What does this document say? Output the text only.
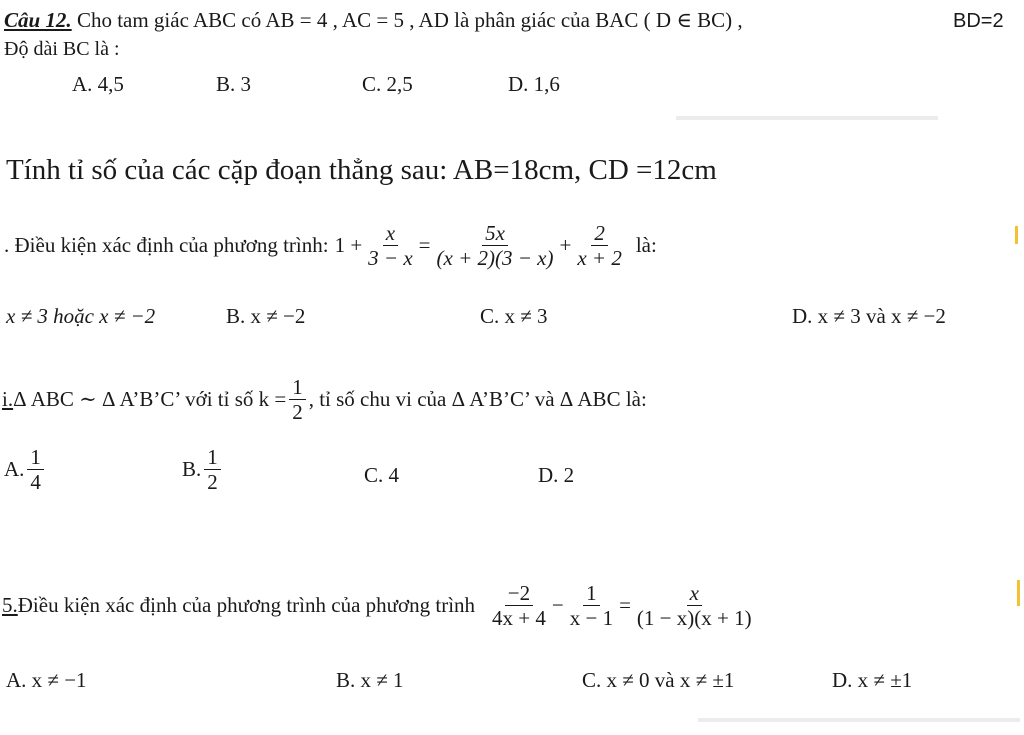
Câu 12. Cho tam giác ABC có AB = 4 , AC = 5 , AD là phân giác của BAC ( D ∈ BC) ,	BD=2
Độ dài BC là :
A. 4,5	B. 3	C. 2,5	D. 1,6
Tính tỉ số của các cặp đoạn thẳng sau: AB=18cm, CD =12cm
. Điều kiện xác định của phương trình: $1 + \frac{x}{3 - x} = \frac{5x}{(x + 2)(3 - x)} + \frac{2}{x + 2}$ là:
x ≠ 3 hoặc x ≠ −2	B. x ≠ −2	C. x ≠ 3	D. x ≠ 3 và x ≠ −2
i. Δ ABC ∼ Δ A’B’C’ với tỉ số $k = \frac{1}{2}$ , tỉ số chu vi của Δ A’B’C’ và Δ ABC là:
A. $\frac{1}{4}$	B. $\frac{1}{2}$	C. 4	D. 2
5. Điều kiện xác định của phương trình của phương trình $\frac{-2}{4x + 4} - \frac{1}{x - 1} = \frac{x}{(1 - x)(x + 1)}$
A. x ≠ −1	B. x ≠ 1	C. x ≠ 0 và x ≠ ±1	D. x ≠ ±1
